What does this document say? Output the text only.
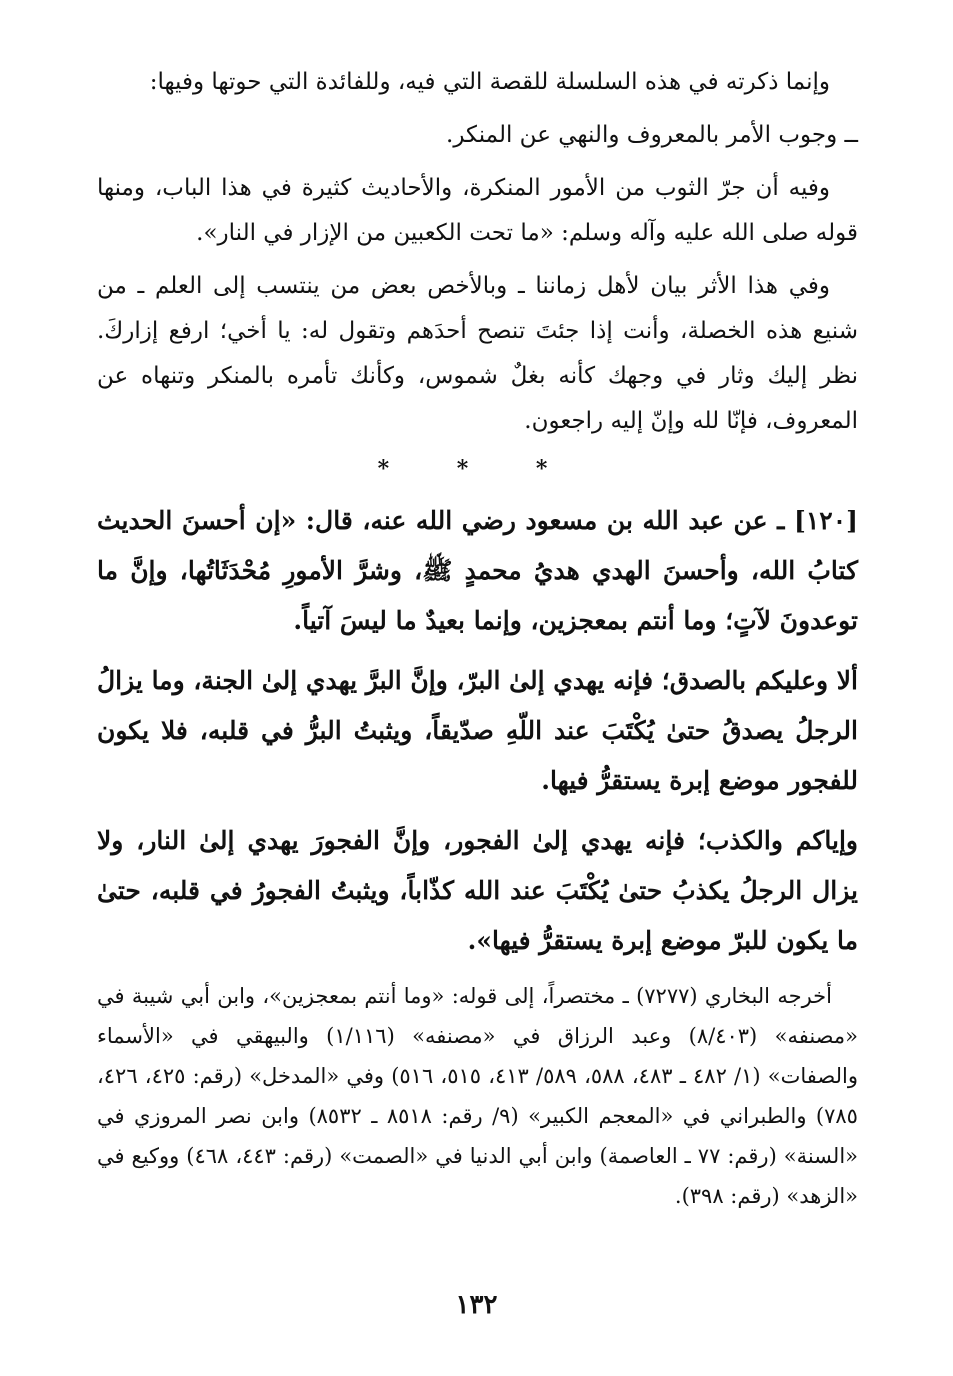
وإنما ذكرته في هذه السلسلة للقصة التي فيه، وللفائدة التي حوتها وفيها:

ــ وجوب الأمر بالمعروف والنهي عن المنكر.

وفيه أن جرّ الثوب من الأمور المنكرة، والأحاديث كثيرة في هذا الباب، ومنها قوله صلى الله عليه وآله وسلم: «ما تحت الكعبين من الإزار في النار».

وفي هذا الأثر بيان لأهل زماننا ـ وبالأخص بعض من ينتسب إلى العلم ـ من شنيع هذه الخصلة، وأنت إذا جئتَ تنصح أحدَهم وتقول له: يا أخي؛ ارفع إزاركَ. نظر إليك وثار في وجهك كأنه بغلٌ شموس، وكأنك تأمره بالمنكر وتنهاه عن المعروف، فإنّا لله وإنّ إليه راجعون.

* * *

[١٢٠] ـ عن عبد الله بن مسعود رضي الله عنه، قال: «إن أحسنَ الحديث كتابُ الله، وأحسنَ الهدي هديُ محمدٍ ﷺ، وشرَّ الأمورِ مُحْدَثَاتُها، وإنَّ ما توعدونَ لآتٍ؛ وما أنتم بمعجزين، وإنما بعيدٌ ما ليسَ آتياً.

ألا وعليكم بالصدق؛ فإنه يهدي إلىٰ البرّ، وإنَّ البرَّ يهدي إلىٰ الجنة، وما يزالُ الرجلُ يصدقُ حتىٰ يُكْتَبَ عند اللّهِ صدّيقاً، ويثبتُ البرُّ في قلبه، فلا يكون للفجور موضع إبرة يستقرُّ فيها.

وإياكم والكذب؛ فإنه يهدي إلىٰ الفجور، وإنَّ الفجورَ يهدي إلىٰ النار، ولا يزال الرجلُ يكذبُ حتىٰ يُكْتَبَ عند الله كذّاباً، ويثبتُ الفجورُ في قلبه، حتىٰ ما يكون للبرّ موضع إبرة يستقرُّ فيها».

أخرجه البخاري (٧٢٧٧) ـ مختصراً، إلى قوله: «وما أنتم بمعجزين»، وابن أبي شيبة في «مصنفه» (٨/٤٠٣) وعبد الرزاق في «مصنفه» (١/١١٦) والبيهقي في «الأسماء والصفات» (١/ ٤٨٢ ـ ٤٨٣، ٥٨٨، ٥٨٩/ ٤١٣، ٥١٥، ٥١٦) وفي «المدخل» (رقم: ٤٢٥، ٤٢٦، ٧٨٥) والطبراني في «المعجم الكبير» (٩/ رقم: ٨٥١٨ ـ ٨٥٣٢) وابن نصر المروزي في «السنة» (رقم: ٧٧ ـ العاصمة) وابن أبي الدنيا في «الصمت» (رقم: ٤٤٣، ٤٦٨) ووكيع في «الزهد» (رقم: ٣٩٨).

١٣٢
